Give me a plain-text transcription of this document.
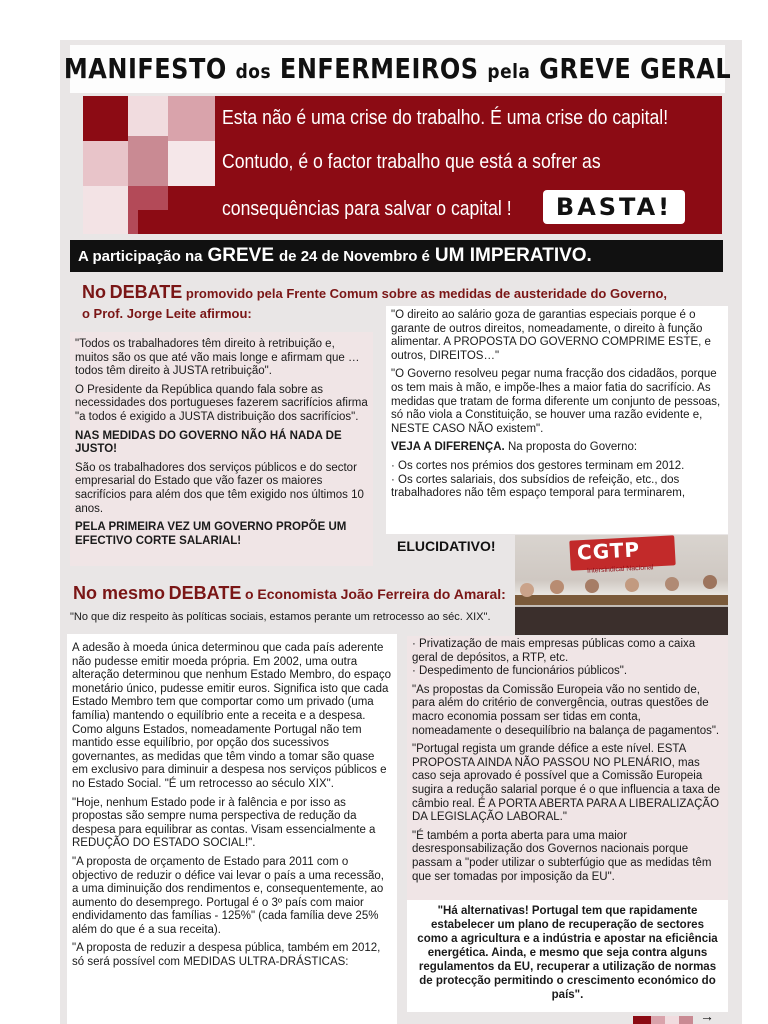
MANIFESTO dos ENFERMEIROS pela GREVE GERAL
Esta não é uma crise do trabalho. É uma crise do capital!
Contudo, é o factor trabalho que está a sofrer as
consequências para salvar o capital !	BASTA!
A participação na GREVE de 24 de Novembro é UM IMPERATIVO.
No DEBATE promovido pela Frente Comum sobre as medidas de austeridade do Governo,
o Prof. Jorge Leite afirmou:

"Todos os trabalhadores têm direito à retribuição e, muitos são os que até vão mais longe e afirmam que … todos têm direito à JUSTA retribuição".

O Presidente da República quando fala sobre as necessidades dos portugueses fazerem sacrifícios afirma "a todos é exigido a JUSTA distribuição dos sacrifícios".

NAS MEDIDAS DO GOVERNO NÃO HÁ NADA DE JUSTO!

São os trabalhadores dos serviços públicos e do sector empresarial do Estado que vão fazer os maiores sacrifícios para além dos que têm exigido nos últimos 10 anos.

PELA PRIMEIRA VEZ UM GOVERNO PROPÕE UM EFECTIVO CORTE SALARIAL!

"O direito ao salário goza de garantias especiais porque é o garante de outros direitos, nomeadamente, o direito à função alimentar. A PROPOSTA DO GOVERNO COMPRIME ESTE, e outros, DIREITOS…"

"O Governo resolveu pegar numa fracção dos cidadãos, porque os tem mais à mão, e impõe-lhes a maior fatia do sacrifício. As medidas que tratam de forma diferente um conjunto de pessoas, só não viola a Constituição, se houver uma razão evidente e, NESTE CASO NÃO existem".

VEJA A DIFERENÇA. Na proposta do Governo:

· Os cortes nos prémios dos gestores terminam em 2012.

· Os cortes salariais, dos subsídios de refeição, etc., dos trabalhadores não têm espaço temporal para terminarem,

ELUCIDATIVO!	CGTP
Intersindical Nacional
No mesmo DEBATE o Economista João Ferreira do Amaral:
"No que diz respeito às políticas sociais, estamos perante um retrocesso ao séc. XIX".

A adesão à moeda única determinou que cada país aderente não pudesse emitir moeda própria. Em 2002, uma outra alteração determinou que nenhum Estado Membro, do espaço monetário único, pudesse emitir euros. Significa isto que cada Estado Membro tem que comportar como um privado (uma família) mantendo o equilíbrio ente a receita e a despesa. Como alguns Estados, nomeadamente Portugal não tem mantido esse equilíbrio, por opção dos sucessivos governantes, as medidas que têm vindo a tomar são quase em exclusivo para diminuir a despesa nos serviços públicos e no Estado Social. "É um retrocesso ao século XIX".

"Hoje, nenhum Estado pode ir à falência e por isso as propostas são sempre numa perspectiva de redução da despesa para equilibrar as contas. Visam essencialmente a REDUÇÃO DO ESTADO SOCIAL!".

"A proposta de orçamento de Estado para 2011 com o objectivo de reduzir o défice vai levar o país a uma recessão, a uma diminuição dos rendimentos e, consequentemente, ao aumento do desemprego. Portugal é o 3º país com maior endividamento das famílias - 125%" (cada família deve 25% além do que é a sua receita).

"A proposta de reduzir a despesa pública, também em 2012, só será possível com MEDIDAS ULTRA-DRÁSTICAS:

· Privatização de mais empresas públicas como a caixa geral de depósitos, a RTP, etc.

· Despedimento de funcionários públicos".

"As propostas da Comissão Europeia vão no sentido de, para além do critério de convergência, outras questões de macro economia possam ser tidas em conta, nomeadamente o desequilíbrio na balança de pagamentos".

"Portugal regista um grande défice a este nível. ESTA PROPOSTA AINDA NÃO PASSOU NO PLENÁRIO, mas caso seja aprovado é possível que a Comissão Europeia sugira a redução salarial porque é o que influencia a taxa de câmbio real. É A PORTA ABERTA PARA A LIBERALIZAÇÃO DA LEGISLAÇÃO LABORAL."

"É também a porta aberta para uma maior desresponsabilização dos Governos nacionais porque passam a "poder utilizar o subterfúgio que as medidas têm que ser tomadas por imposição da EU".

"Há alternativas! Portugal tem que rapidamente estabelecer um plano de recuperação de sectores como a agricultura e a indústria e apostar na eficiência energética. Ainda, e mesmo que seja contra alguns regulamentos da EU, recuperar a utilização de normas de protecção permitindo o crescimento económico do país".

→
